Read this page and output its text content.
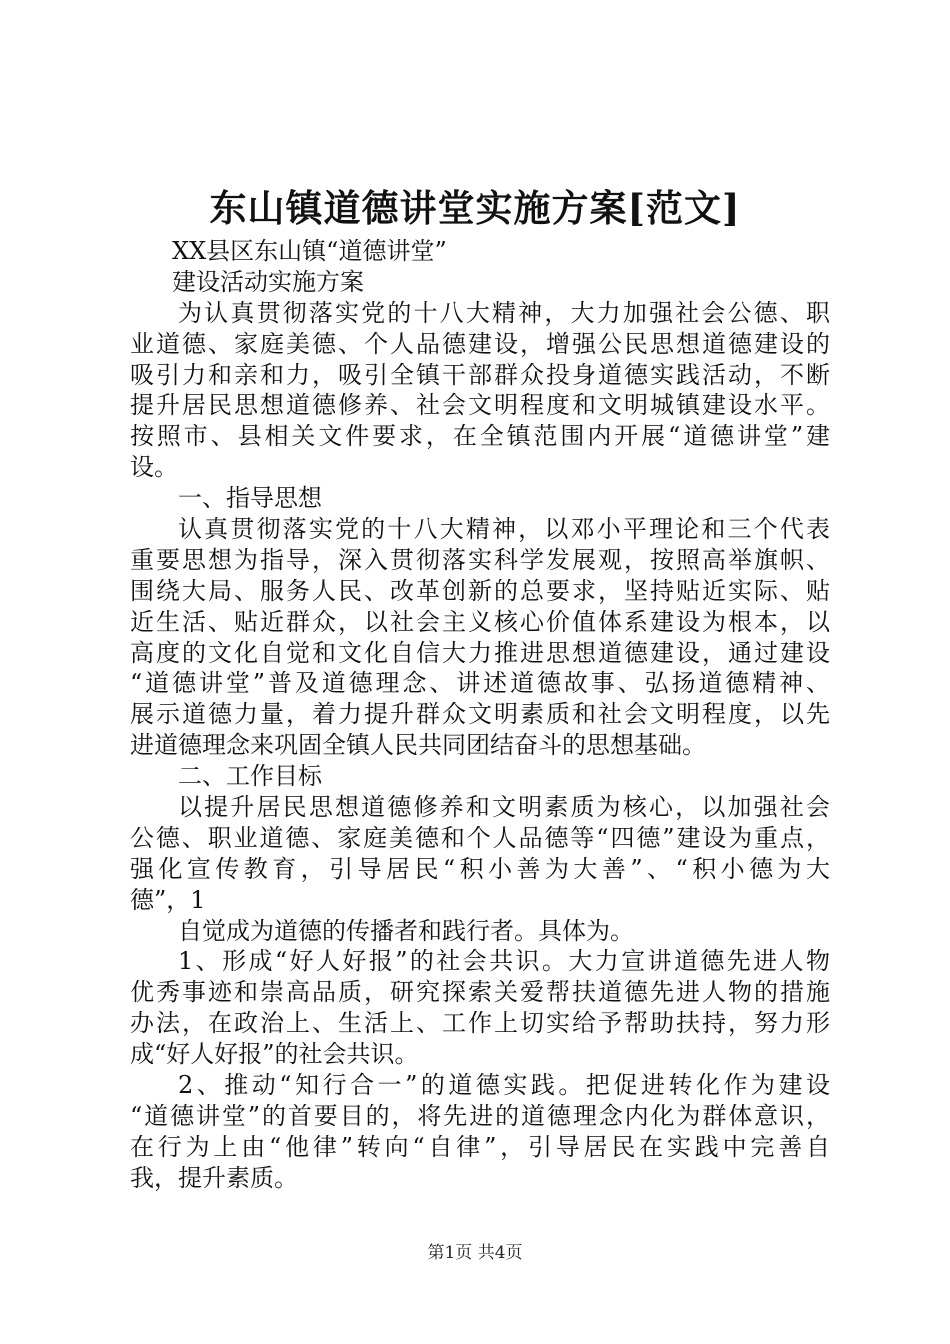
东山镇道德讲堂实施方案[范文]
XX县区东山镇“道德讲堂”
建设活动实施方案
为认真贯彻落实党的十八大精神，大力加强社会公德、职
业道德、家庭美德、个人品德建设，增强公民思想道德建设的
吸引力和亲和力，吸引全镇干部群众投身道德实践活动，不断
提升居民思想道德修养、社会文明程度和文明城镇建设水平。
按照市、县相关文件要求，在全镇范围内开展“道德讲堂”建
设。
一、指导思想
认真贯彻落实党的十八大精神，以邓小平理论和三个代表
重要思想为指导，深入贯彻落实科学发展观，按照高举旗帜、
围绕大局、服务人民、改革创新的总要求，坚持贴近实际、贴
近生活、贴近群众，以社会主义核心价值体系建设为根本，以
高度的文化自觉和文化自信大力推进思想道德建设，通过建设
“道德讲堂”普及道德理念、讲述道德故事、弘扬道德精神、
展示道德力量，着力提升群众文明素质和社会文明程度，以先
进道德理念来巩固全镇人民共同团结奋斗的思想基础。
二、工作目标
以提升居民思想道德修养和文明素质为核心，以加强社会
公德、职业道德、家庭美德和个人品德等“四德”建设为重点，
强化宣传教育，引导居民“积小善为大善”、“积小德为大
德”，1
自觉成为道德的传播者和践行者。具体为。
1、形成“好人好报”的社会共识。大力宣讲道德先进人物
优秀事迹和崇高品质，研究探索关爱帮扶道德先进人物的措施
办法，在政治上、生活上、工作上切实给予帮助扶持，努力形
成“好人好报”的社会共识。
2、推动“知行合一”的道德实践。把促进转化作为建设
“道德讲堂”的首要目的，将先进的道德理念内化为群体意识，
在行为上由“他律”转向“自律”，引导居民在实践中完善自
我，提升素质。
第1页 共4页
